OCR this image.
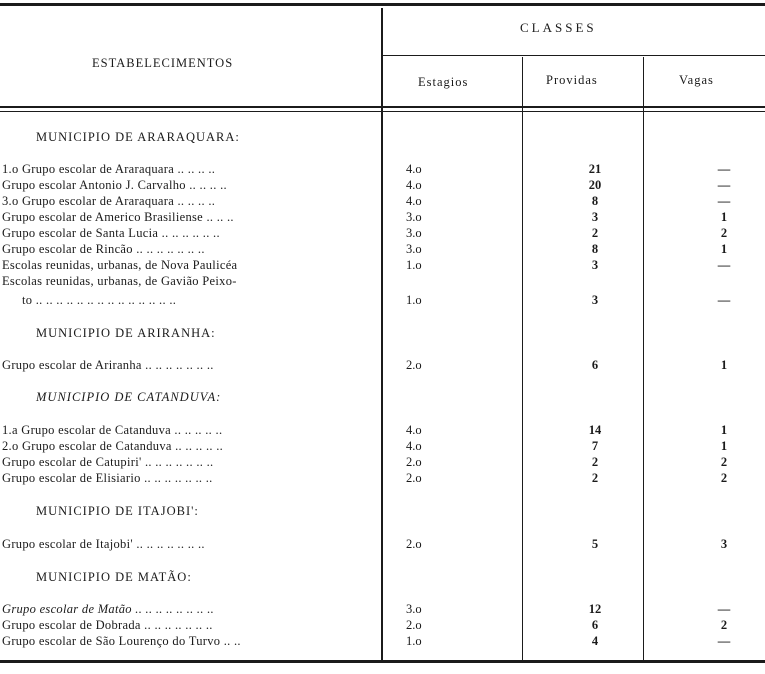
CLASSES
ESTABELECIMENTOS
Estagios	Providas	Vagas
MUNICIPIO DE ARARAQUARA:
1.o Grupo escolar de Araraquara .. .. .. ..	4.o	21	—
Grupo escolar Antonio J. Carvalho .. .. .. ..	4.o	20	—
3.o Grupo escolar de Araraquara .. .. .. ..	4.o	8	—
Grupo escolar de Americo Brasiliense .. .. ..	3.o	3	1
Grupo escolar de Santa Lucia .. .. .. .. .. ..	3.o	2	2
Grupo escolar de Rincão .. .. .. .. .. .. ..	3.o	8	1
Escolas reunidas, urbanas, de Nova Paulicéa	1.o	3	—
Escolas reunidas, urbanas, de Gavião Peixo-
to .. .. .. .. .. .. .. .. .. .. .. .. .. ..	1.o	3	—
MUNICIPIO DE ARIRANHA:
Grupo escolar de Ariranha .. .. .. .. .. .. ..	2.o	6	1
MUNICIPIO DE CATANDUVA:
1.a Grupo escolar de Catanduva .. .. .. .. ..	4.o	14	1
2.o Grupo escolar de Catanduva .. .. .. .. ..	4.o	7	1
Grupo escolar de Catupiri' .. .. .. .. .. .. ..	2.o	2	2
Grupo escolar de Elisiario .. .. .. .. .. .. ..	2.o	2	2
MUNICIPIO DE ITAJOBI':
Grupo escolar de Itajobi' .. .. .. .. .. .. ..	2.o	5	3
MUNICIPIO DE MATÃO:
Grupo escolar de Matão .. .. .. .. .. .. .. ..	3.o	12	—
Grupo escolar de Dobrada .. .. .. .. .. .. ..	2.o	6	2
Grupo escolar de São Lourenço do Turvo .. ..	1.o	4	—
